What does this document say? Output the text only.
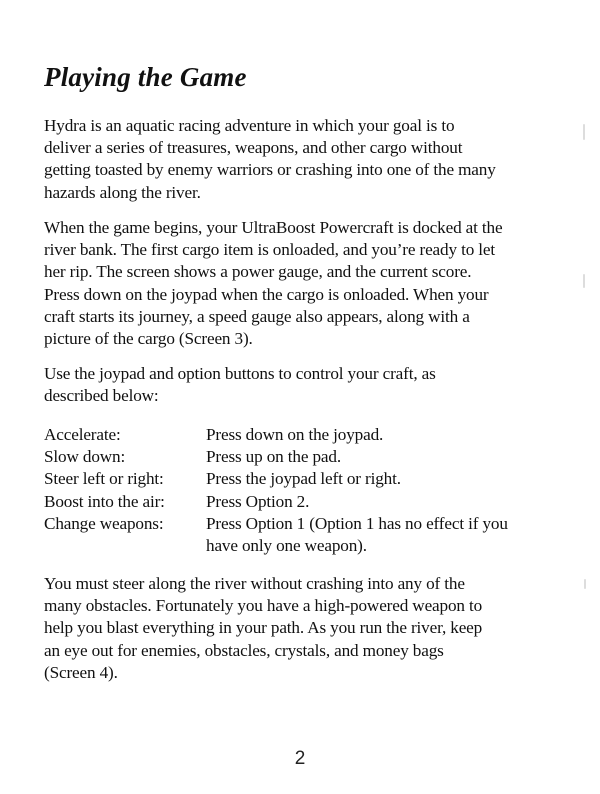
Playing the Game

Hydra is an aquatic racing adventure in which your goal is to
deliver a series of treasures, weapons, and other cargo without
getting toasted by enemy warriors or crashing into one of the many
hazards along the river.

When the game begins, your UltraBoost Powercraft is docked at the
river bank. The first cargo item is onloaded, and you’re ready to let
her rip. The screen shows a power gauge, and the current score.
Press down on the joypad when the cargo is onloaded. When your
craft starts its journey, a speed gauge also appears, along with a
picture of the cargo (Screen 3).

Use the joypad and option buttons to control your craft, as
described below:

Accelerate:	Press down on the joypad.
Slow down:	Press up on the pad.
Steer left or right: Press the joypad left or right.
Boost into the air: Press Option 2.
Change weapons: Press Option 1 (Option 1 has no effect if you
have only one weapon).

You must steer along the river without crashing into any of the
many obstacles. Fortunately you have a high-powered weapon to
help you blast everything in your path. As you run the river, keep
an eye out for enemies, obstacles, crystals, and money bags
(Screen 4).

2
